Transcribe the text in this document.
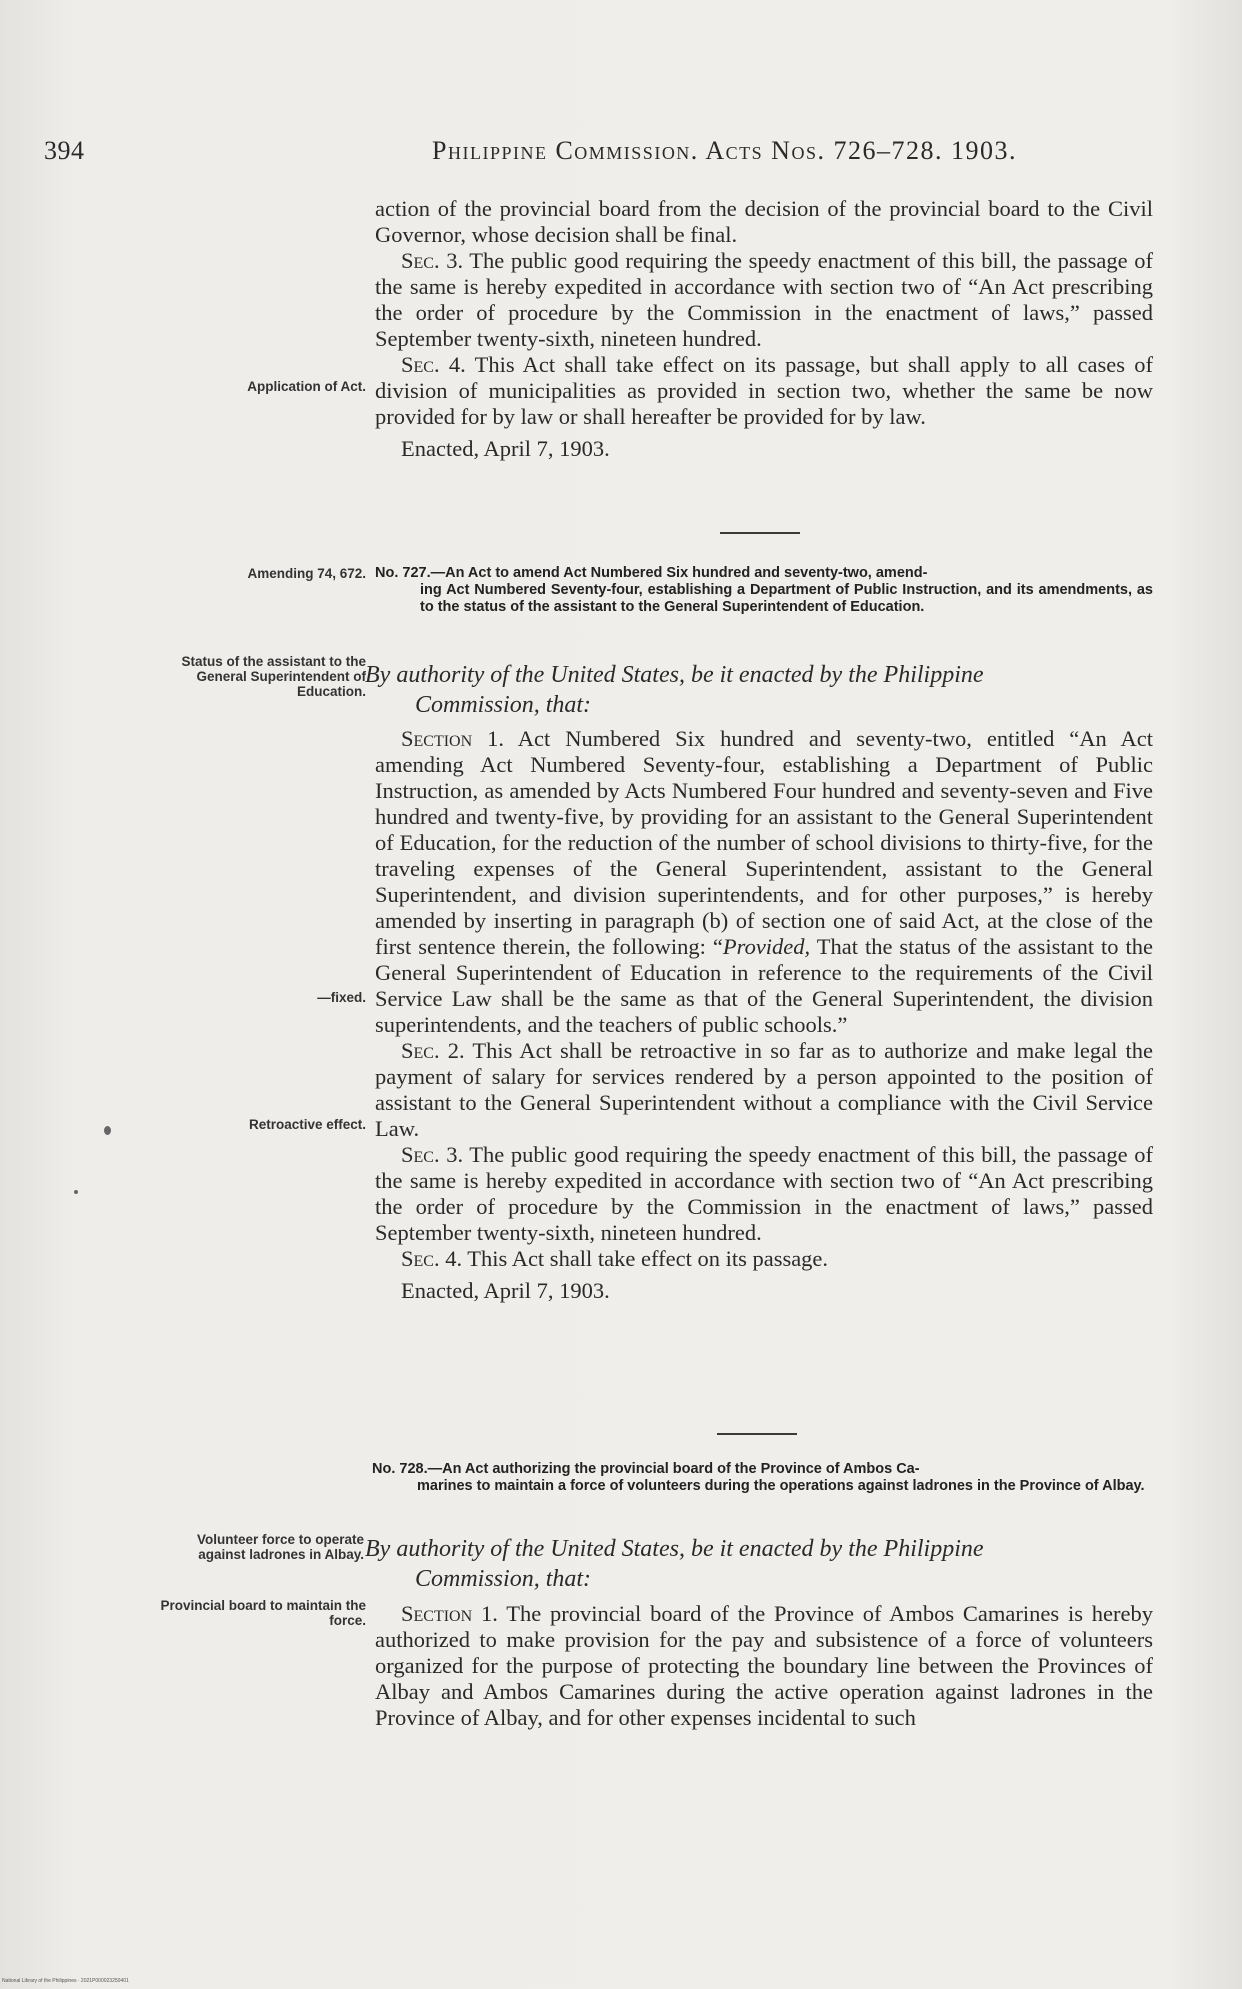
394	Philippine Commission. Acts Nos. 726–728. 1903.

action of the provincial board from the decision of the provincial board to the Civil Governor, whose decision shall be final.

Sec. 3. The public good requiring the speedy enactment of this bill, the passage of the same is hereby expedited in accordance with section two of “An Act prescribing the order of procedure by the Commission in the enactment of laws,” passed September twenty-sixth, nineteen hundred.

Sec. 4. This Act shall take effect on its passage, but shall apply to all cases of division of municipalities as provided in section two, whether the same be now provided for by law or shall hereafter be provided for by law.

Enacted, April 7, 1903.

Application of Act.
Amending 74, 672. No. 727.—An Act to amend Act Numbered Six hundred and seventy-two, amend-
ing Act Numbered Seventy-four, establishing a Department of Public Instruction, and its amendments, as to the status of the assistant to the General Superintendent of Education.
Status of the assistant to the General Superintendent of Education.
By authority of the United States, be it enacted by the Philippine
Commission, that:

Section 1. Act Numbered Six hundred and seventy-two, entitled “An Act amending Act Numbered Seventy-four, establishing a Department of Public Instruction, as amended by Acts Numbered Four hundred and seventy-seven and Five hundred and twenty-five, by providing for an assistant to the General Superintendent of Education, for the reduction of the number of school divisions to thirty-five, for the traveling expenses of the General Superintendent, assistant to the General Superintendent, and division superintendents, and for other purposes,” is hereby amended by inserting in paragraph (b) of section one of said Act, at the close of the first sentence therein, the following: “Provided, That the status of the assistant to the General Superintendent of Education in reference to the requirements of the Civil Service Law shall be the same as that of the General Superintendent, the division superintendents, and the teachers of public schools.”

Sec. 2. This Act shall be retroactive in so far as to authorize and make legal the payment of salary for services rendered by a person appointed to the position of assistant to the General Superintendent without a compliance with the Civil Service Law.

Sec. 3. The public good requiring the speedy enactment of this bill, the passage of the same is hereby expedited in accordance with section two of “An Act prescribing the order of procedure by the Commission in the enactment of laws,” passed September twenty-sixth, nineteen hundred.

Sec. 4. This Act shall take effect on its passage.

Enacted, April 7, 1903.

—fixed.
Retroactive effect.
No. 728.—An Act authorizing the provincial board of the Province of Ambos Ca-
marines to maintain a force of volunteers during the operations against ladrones in the Province of Albay.
Volunteer force to operate against ladrones in Albay. By authority of the United States, be it enacted by the Philippine
Commission, that:
Provincial board to maintain the force.	Section 1. The provincial board of the Province of Ambos Camarines is hereby authorized to make provision for the pay and subsistence of a force of volunteers organized for the purpose of protecting the boundary line between the Provinces of Albay and Ambos Camarines during the active operation against ladrones in the Province of Albay, and for other expenses incidental to such

National Library of the Philippines · 2021P000023250401
